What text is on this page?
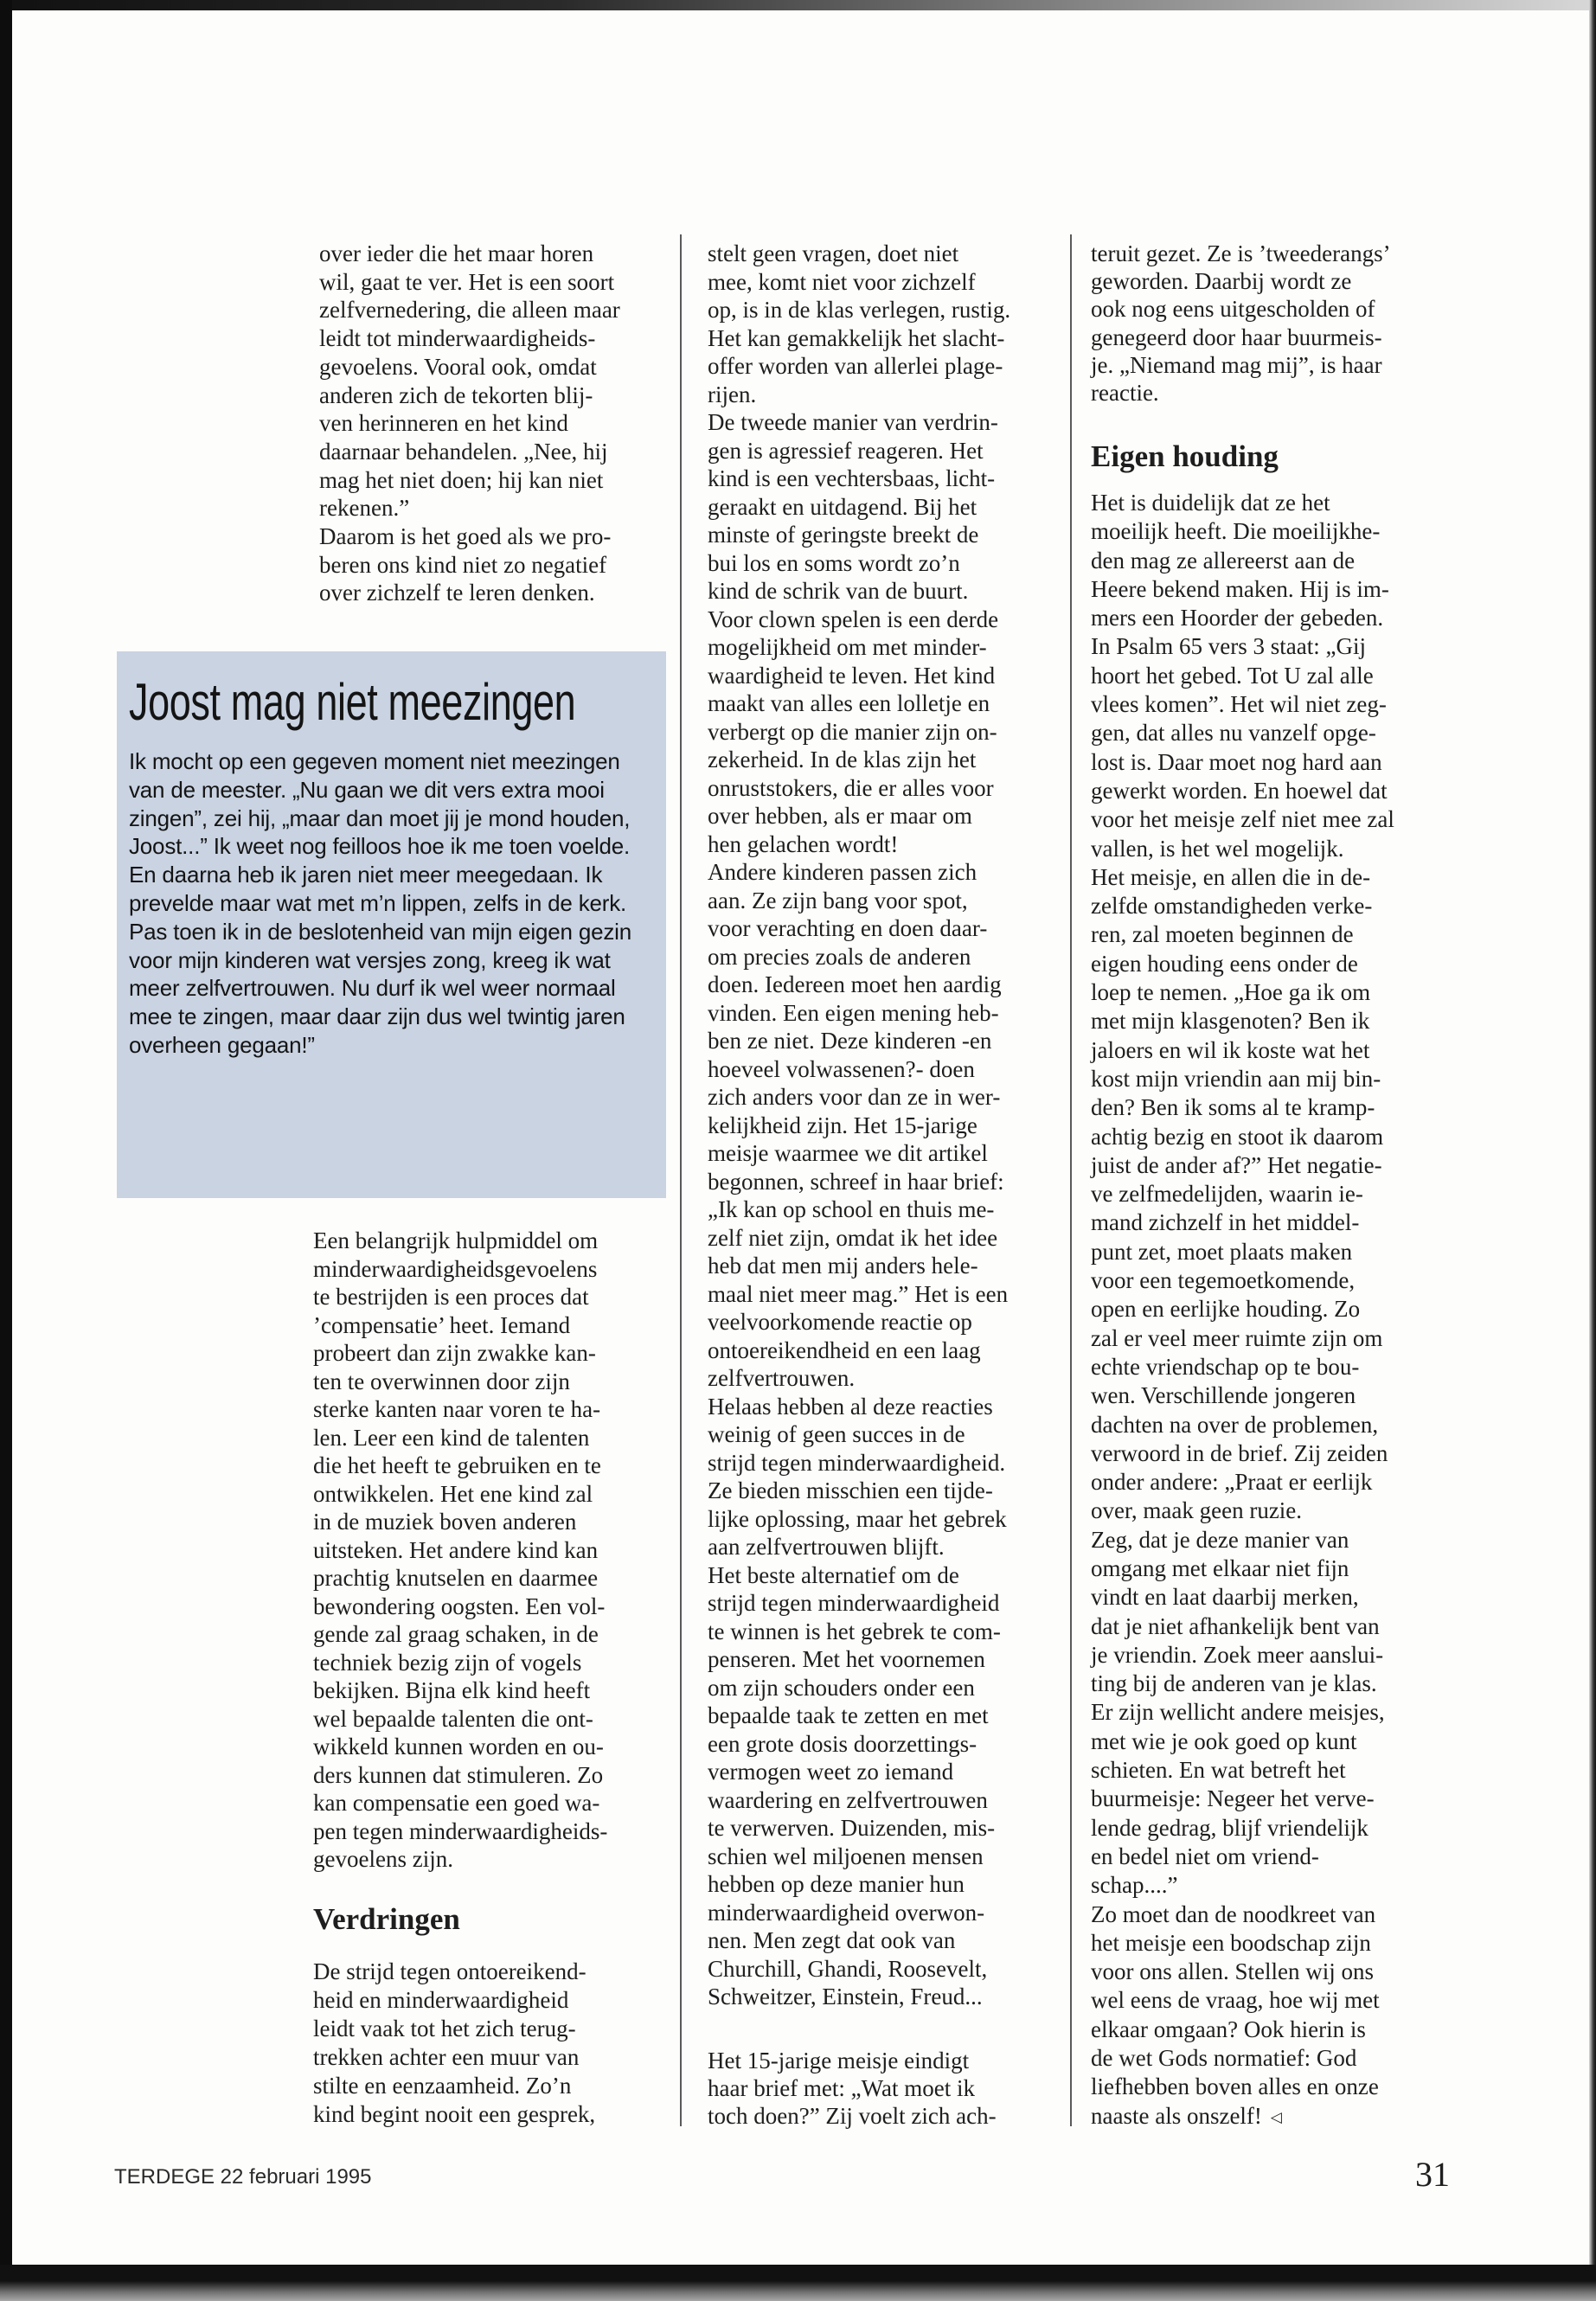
over ieder die het maar horen
wil, gaat te ver. Het is een soort
zelfvernedering, die alleen maar
leidt tot minderwaardigheids-
gevoelens. Vooral ook, omdat
anderen zich de tekorten blij-
ven herinneren en het kind
daarnaar behandelen. „Nee, hij
mag het niet doen; hij kan niet
rekenen.”

Daarom is het goed als we pro-
beren ons kind niet zo negatief
over zichzelf te leren denken.

Joost mag niet meezingen

Ik mocht op een gegeven moment niet meezingen
van de meester. „Nu gaan we dit vers extra mooi
zingen”, zei hij, „maar dan moet jij je mond houden,
Joost...” Ik weet nog feilloos hoe ik me toen voelde.
En daarna heb ik jaren niet meer meegedaan. Ik
prevelde maar wat met m’n lippen, zelfs in de kerk.
Pas toen ik in de beslotenheid van mijn eigen gezin
voor mijn kinderen wat versjes zong, kreeg ik wat
meer zelfvertrouwen. Nu durf ik wel weer normaal
mee te zingen, maar daar zijn dus wel twintig jaren
overheen gegaan!”

Een belangrijk hulpmiddel om
minderwaardigheidsgevoelens
te bestrijden is een proces dat
’compensatie’ heet. Iemand
probeert dan zijn zwakke kan-
ten te overwinnen door zijn
sterke kanten naar voren te ha-
len. Leer een kind de talenten
die het heeft te gebruiken en te
ontwikkelen. Het ene kind zal
in de muziek boven anderen
uitsteken. Het andere kind kan
prachtig knutselen en daarmee
bewondering oogsten. Een vol-
gende zal graag schaken, in de
techniek bezig zijn of vogels
bekijken. Bijna elk kind heeft
wel bepaalde talenten die ont-
wikkeld kunnen worden en ou-
ders kunnen dat stimuleren. Zo
kan compensatie een goed wa-
pen tegen minderwaardigheids-
gevoelens zijn.

Verdringen

De strijd tegen ontoereikend-
heid en minderwaardigheid
leidt vaak tot het zich terug-
trekken achter een muur van
stilte en eenzaamheid. Zo’n
kind begint nooit een gesprek,

stelt geen vragen, doet niet
mee, komt niet voor zichzelf
op, is in de klas verlegen, rustig.
Het kan gemakkelijk het slacht-
offer worden van allerlei plage-
rijen.

De tweede manier van verdrin-
gen is agressief reageren. Het
kind is een vechtersbaas, licht-
geraakt en uitdagend. Bij het
minste of geringste breekt de
bui los en soms wordt zo’n
kind de schrik van de buurt.

Voor clown spelen is een derde
mogelijkheid om met minder-
waardigheid te leven. Het kind
maakt van alles een lolletje en
verbergt op die manier zijn on-
zekerheid. In de klas zijn het
onruststokers, die er alles voor
over hebben, als er maar om
hen gelachen wordt!

Andere kinderen passen zich
aan. Ze zijn bang voor spot,
voor verachting en doen daar-
om precies zoals de anderen
doen. Iedereen moet hen aardig
vinden. Een eigen mening heb-
ben ze niet. Deze kinderen -en
hoeveel volwassenen?- doen
zich anders voor dan ze in wer-
kelijkheid zijn. Het 15-jarige
meisje waarmee we dit artikel
begonnen, schreef in haar brief:
„Ik kan op school en thuis me-
zelf niet zijn, omdat ik het idee
heb dat men mij anders hele-
maal niet meer mag.” Het is een
veelvoorkomende reactie op
ontoereikendheid en een laag
zelfvertrouwen.

Helaas hebben al deze reacties
weinig of geen succes in de
strijd tegen minderwaardigheid.
Ze bieden misschien een tijde-
lijke oplossing, maar het gebrek
aan zelfvertrouwen blijft.

Het beste alternatief om de
strijd tegen minderwaardigheid
te winnen is het gebrek te com-
penseren. Met het voornemen
om zijn schouders onder een
bepaalde taak te zetten en met
een grote dosis doorzettings-
vermogen weet zo iemand
waardering en zelfvertrouwen
te verwerven. Duizenden, mis-
schien wel miljoenen mensen
hebben op deze manier hun
minderwaardigheid overwon-
nen. Men zegt dat ook van
Churchill, Ghandi, Roosevelt,
Schweitzer, Einstein, Freud...

Het 15-jarige meisje eindigt
haar brief met: „Wat moet ik
toch doen?” Zij voelt zich ach-

teruit gezet. Ze is ’tweederangs’
geworden. Daarbij wordt ze
ook nog eens uitgescholden of
genegeerd door haar buurmeis-
je. „Niemand mag mij”, is haar
reactie.

Eigen houding

Het is duidelijk dat ze het
moeilijk heeft. Die moeilijkhe-
den mag ze allereerst aan de
Heere bekend maken. Hij is im-
mers een Hoorder der gebeden.
In Psalm 65 vers 3 staat: „Gij
hoort het gebed. Tot U zal alle
vlees komen”. Het wil niet zeg-
gen, dat alles nu vanzelf opge-
lost is. Daar moet nog hard aan
gewerkt worden. En hoewel dat
voor het meisje zelf niet mee zal
vallen, is het wel mogelijk.

Het meisje, en allen die in de-
zelfde omstandigheden verke-
ren, zal moeten beginnen de
eigen houding eens onder de
loep te nemen. „Hoe ga ik om
met mijn klasgenoten? Ben ik
jaloers en wil ik koste wat het
kost mijn vriendin aan mij bin-
den? Ben ik soms al te kramp-
achtig bezig en stoot ik daarom
juist de ander af?” Het negatie-
ve zelfmedelijden, waarin ie-
mand zichzelf in het middel-
punt zet, moet plaats maken
voor een tegemoetkomende,
open en eerlijke houding. Zo
zal er veel meer ruimte zijn om
echte vriendschap op te bou-
wen. Verschillende jongeren
dachten na over de problemen,
verwoord in de brief. Zij zeiden
onder andere: „Praat er eerlijk
over, maak geen ruzie.
Zeg, dat je deze manier van
omgang met elkaar niet fijn
vindt en laat daarbij merken,
dat je niet afhankelijk bent van
je vriendin. Zoek meer aanslui-
ting bij de anderen van je klas.
Er zijn wellicht andere meisjes,
met wie je ook goed op kunt
schieten. En wat betreft het
buurmeisje: Negeer het verve-
lende gedrag, blijf vriendelijk
en bedel niet om vriend-
schap....”

Zo moet dan de noodkreet van
het meisje een boodschap zijn
voor ons allen. Stellen wij ons
wel eens de vraag, hoe wij met
elkaar omgaan? Ook hierin is
de wet Gods normatief: God
liefhebben boven alles en onze
naaste als onszelf! ◁

TERDEGE 22 februari 1995	31
